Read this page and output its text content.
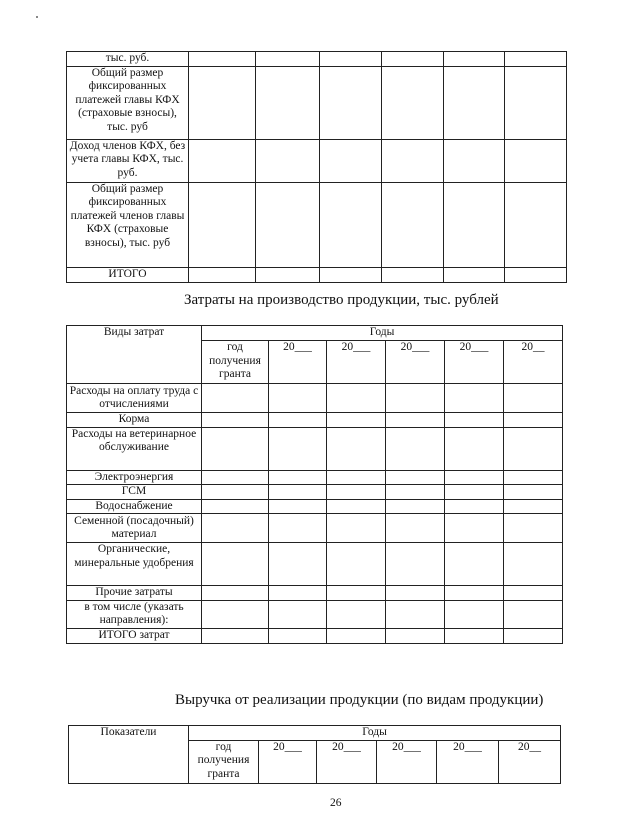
тыс. руб.						
Общий размер фиксированных платежей главы КФХ (страховые взносы), тыс. руб						
Доход членов КФХ, без учета главы КФХ, тыс. руб.						
Общий размер фиксированных платежей членов главы КФХ (страховые взносы), тыс. руб						
ИТОГО						
Затраты на производство продукции, тыс. рублей
Виды затрат	Годы					
	год получения гранта	20___	20___	20___	20___	20__
Расходы на оплату труда с отчислениями						
Корма						
Расходы на ветеринарное обслуживание						
Электроэнергия						
ГСМ						
Водоснабжение						
Семенной (посадочный) материал						
Органические, минеральные удобрения						
Прочие затраты						
в том числе (указать направления):						
ИТОГО затрат						
Выручка от реализации продукции (по видам продукции)
Показатели	Годы					
	год получения гранта	20___	20___	20___	20___	20__
26
